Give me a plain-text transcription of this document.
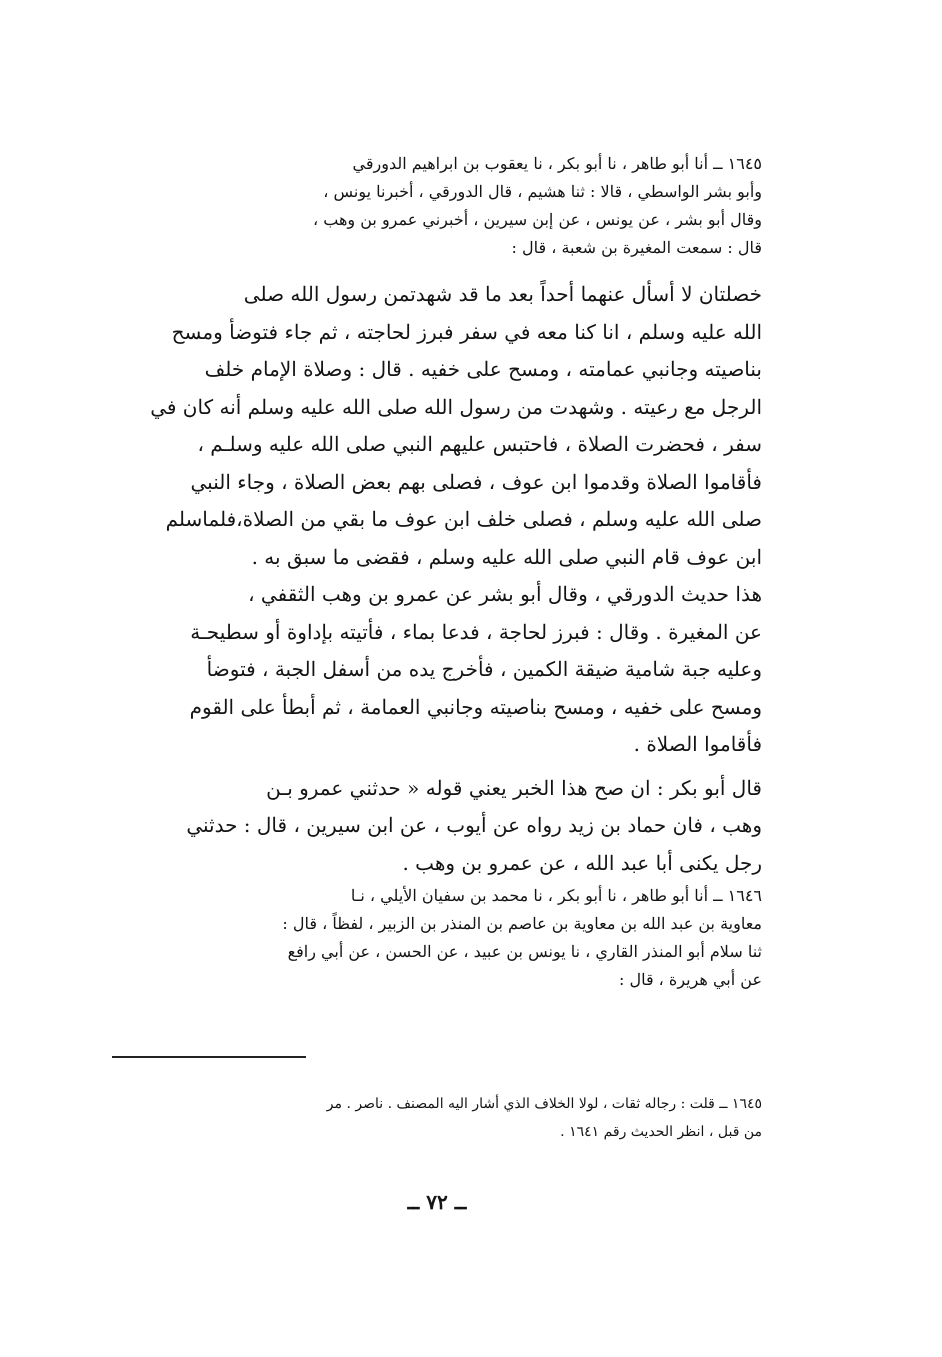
١٦٤٥ ــ أنا أبو طاهر ، نا أبو بكر ، نا يعقوب بن ابراهيم الدورقي
وأبو بشر الواسطي ، قالا : ثنا هشيم ، قال الدورقي ، أخبرنا يونس ،
وقال أبو بشر ، عن يونس ، عن إبن سيرين ، أخبرني عمرو بن وهب ،
قال : سمعت المغيرة بن شعبة ، قال :

خصلتان لا أسأل عنهما أحداً بعد ما قد شهدتمن رسول الله صلى
الله عليه وسلم ، انا كنا معه في سفر فبرز لحاجته ، ثم جاء فتوضأ ومسح
بناصيته وجانبي عمامته ، ومسح على خفيه . قال : وصلاة الإمام خلف
الرجل مع رعيته . وشهدت من رسول الله صلى الله عليه وسلم أنه كان في
سفر ، فحضرت الصلاة ، فاحتبس عليهم النبي صلى الله عليه وسلـم ،
فأقاموا الصلاة وقدموا ابن عوف ، فصلى بهم بعض الصلاة ، وجاء النبي
صلى الله عليه وسلم ، فصلى خلف ابن عوف ما بقي من الصلاة،فلماسلم
ابن عوف قام النبي صلى الله عليه وسلم ، فقضى ما سبق به .

هذا حديث الدورقي ، وقال أبو بشر عن عمرو بن وهب الثقفي ،
عن المغيرة . وقال : فبرز لحاجة ، فدعا بماء ، فأتيته بإداوة أو سطيحـة
وعليه جبة شامية ضيقة الكمين ، فأخرج يده من أسفل الجبة ، فتوضأ
ومسح على خفيه ، ومسح بناصيته وجانبي العمامة ، ثم أبطأ على القوم
فأقاموا الصلاة .

قال أبو بكر : ان صح هذا الخبر يعني قوله « حدثني عمرو بـن
وهب ، فان حماد بن زيد رواه عن أيوب ، عن ابن سيرين ، قال : حدثني
رجل يكنى أبا عبد الله ، عن عمرو بن وهب .

١٦٤٦ ــ أنا أبو طاهر ، نا أبو بكر ، نا محمد بن سفيان الأيلي ، نـا
معاوية بن عبد الله بن معاوية بن عاصم بن المنذر بن الزبير ، لفظاً ، قال :
ثنا سلام أبو المنذر القاري ، نا يونس بن عبيد ، عن الحسن ، عن أبي رافع
عن أبي هريرة ، قال :

١٦٤٥ ــ قلت : رجاله ثقات ، لولا الخلاف الذي أشار اليه المصنف . ناصر . مر
من قبل ، انظر الحديث رقم ١٦٤١ .

ــ ٧٢ ــ
